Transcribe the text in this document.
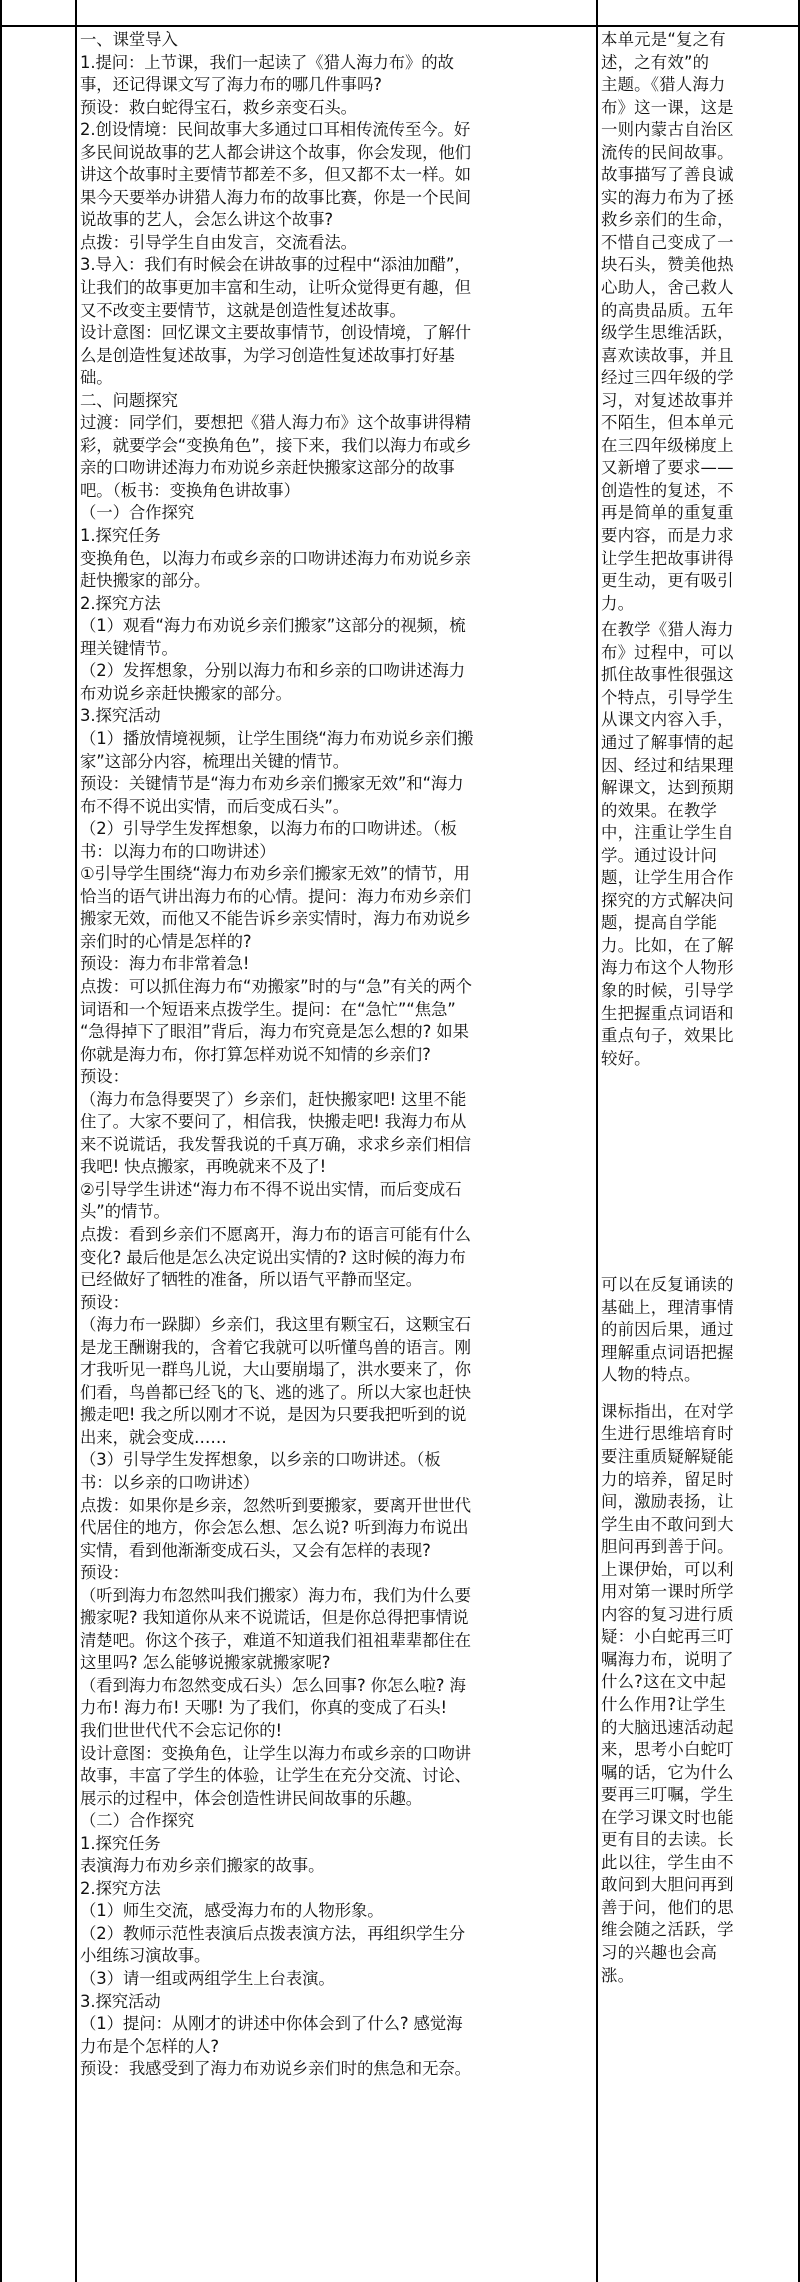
一、课堂导入
1.提问：上节课，我们一起读了《猎人海力布》的故
事，还记得课文写了海力布的哪几件事吗?
预设：救白蛇得宝石，救乡亲变石头。
2.创设情境：民间故事大多通过口耳相传流传至今。好
多民间说故事的艺人都会讲这个故事，你会发现，他们
讲这个故事时主要情节都差不多，但又都不太一样。如
果今天要举办讲猎人海力布的故事比赛，你是一个民间
说故事的艺人，会怎么讲这个故事?
点拨：引导学生自由发言，交流看法。
3.导入：我们有时候会在讲故事的过程中“添油加醋”，
让我们的故事更加丰富和生动，让听众觉得更有趣，但
又不改变主要情节，这就是创造性复述故事。
设计意图：回忆课文主要故事情节，创设情境，了解什
么是创造性复述故事，为学习创造性复述故事打好基
础。
二、问题探究
过渡：同学们，要想把《猎人海力布》这个故事讲得精
彩，就要学会“变换角色”，接下来，我们以海力布或乡
亲的口吻讲述海力布劝说乡亲赶快搬家这部分的故事
吧。（板书：变换角色讲故事）
（一）合作探究
1.探究任务
变换角色，以海力布或乡亲的口吻讲述海力布劝说乡亲
赶快搬家的部分。
2.探究方法
（1）观看“海力布劝说乡亲们搬家”这部分的视频，梳
理关键情节。
（2）发挥想象，分别以海力布和乡亲的口吻讲述海力
布劝说乡亲赶快搬家的部分。
3.探究活动
（1）播放情境视频，让学生围绕“海力布劝说乡亲们搬
家”这部分内容，梳理出关键的情节。
预设：关键情节是“海力布劝乡亲们搬家无效”和“海力
布不得不说出实情，而后变成石头”。
（2）引导学生发挥想象，以海力布的口吻讲述。（板
书：以海力布的口吻讲述）
①引导学生围绕“海力布劝乡亲们搬家无效”的情节，用
恰当的语气讲出海力布的心情。提问：海力布劝乡亲们
搬家无效，而他又不能告诉乡亲实情时，海力布劝说乡
亲们时的心情是怎样的?
预设：海力布非常着急!
点拨：可以抓住海力布“劝搬家”时的与“急”有关的两个
词语和一个短语来点拨学生。提问：在“急忙”“焦急”
“急得掉下了眼泪”背后，海力布究竟是怎么想的? 如果
你就是海力布，你打算怎样劝说不知情的乡亲们?
预设：
（海力布急得要哭了）乡亲们，赶快搬家吧! 这里不能
住了。大家不要问了，相信我，快搬走吧! 我海力布从
来不说谎话，我发誓我说的千真万确，求求乡亲们相信
我吧! 快点搬家，再晚就来不及了!
②引导学生讲述“海力布不得不说出实情，而后变成石
头”的情节。
点拨：看到乡亲们不愿离开，海力布的语言可能有什么
变化? 最后他是怎么决定说出实情的? 这时候的海力布
已经做好了牺牲的准备，所以语气平静而坚定。
预设：
（海力布一跺脚）乡亲们，我这里有颗宝石，这颗宝石
是龙王酬谢我的，含着它我就可以听懂鸟兽的语言。刚
才我听见一群鸟儿说，大山要崩塌了，洪水要来了，你
们看，鸟兽都已经飞的飞、逃的逃了。所以大家也赶快
搬走吧! 我之所以刚才不说，是因为只要我把听到的说
出来，就会变成……
（3）引导学生发挥想象，以乡亲的口吻讲述。（板
书：以乡亲的口吻讲述）
点拨：如果你是乡亲，忽然听到要搬家，要离开世世代
代居住的地方，你会怎么想、怎么说? 听到海力布说出
实情，看到他渐渐变成石头，又会有怎样的表现?
预设：
（听到海力布忽然叫我们搬家）海力布，我们为什么要
搬家呢? 我知道你从来不说谎话，但是你总得把事情说
清楚吧。你这个孩子，难道不知道我们祖祖辈辈都住在
这里吗? 怎么能够说搬家就搬家呢?
（看到海力布忽然变成石头）怎么回事? 你怎么啦? 海
力布! 海力布! 天哪! 为了我们，你真的变成了石头!
我们世世代代不会忘记你的!
设计意图：变换角色，让学生以海力布或乡亲的口吻讲
故事，丰富了学生的体验，让学生在充分交流、讨论、
展示的过程中，体会创造性讲民间故事的乐趣。
（二）合作探究
1.探究任务
表演海力布劝乡亲们搬家的故事。
2.探究方法
（1）师生交流，感受海力布的人物形象。
（2）教师示范性表演后点拨表演方法，再组织学生分
小组练习演故事。
（3）请一组或两组学生上台表演。
3.探究活动
（1）提问：从刚才的讲述中你体会到了什么? 感觉海
力布是个怎样的人?
预设：我感受到了海力布劝说乡亲们时的焦急和无奈。
本单元是“复之有
述，之有效”的
主题。《猎人海力
布》这一课，这是
一则内蒙古自治区
流传的民间故事。
故事描写了善良诚
实的海力布为了拯
救乡亲们的生命，
不惜自己变成了一
块石头，赞美他热
心助人，舍己救人
的高贵品质。五年
级学生思维活跃，
喜欢读故事，并且
经过三四年级的学
习，对复述故事并
不陌生，但本单元
在三四年级梯度上
又新增了要求——
创造性的复述，不
再是简单的重复重
要内容，而是力求
让学生把故事讲得
更生动，更有吸引
力。
在教学《猎人海力
布》过程中，可以
抓住故事性很强这
个特点，引导学生
从课文内容入手，
通过了解事情的起
因、经过和结果理
解课文，达到预期
的效果。在教学
中，注重让学生自
学。通过设计问
题，让学生用合作
探究的方式解决问
题，提高自学能
力。比如，在了解
海力布这个人物形
象的时候，引导学
生把握重点词语和
重点句子，效果比
较好。
可以在反复诵读的
基础上，理清事情
的前因后果，通过
理解重点词语把握
人物的特点。
课标指出，在对学
生进行思维培育时
要注重质疑解疑能
力的培养，留足时
间，激励表扬，让
学生由不敢问到大
胆问再到善于问。
上课伊始，可以利
用对第一课时所学
内容的复习进行质
疑：小白蛇再三叮
嘱海力布，说明了
什么?这在文中起
什么作用?让学生
的大脑迅速活动起
来，思考小白蛇叮
嘱的话，它为什么
要再三叮嘱，学生
在学习课文时也能
更有目的去读。长
此以往，学生由不
敢问到大胆问再到
善于问，他们的思
维会随之活跃，学
习的兴趣也会高
涨。
